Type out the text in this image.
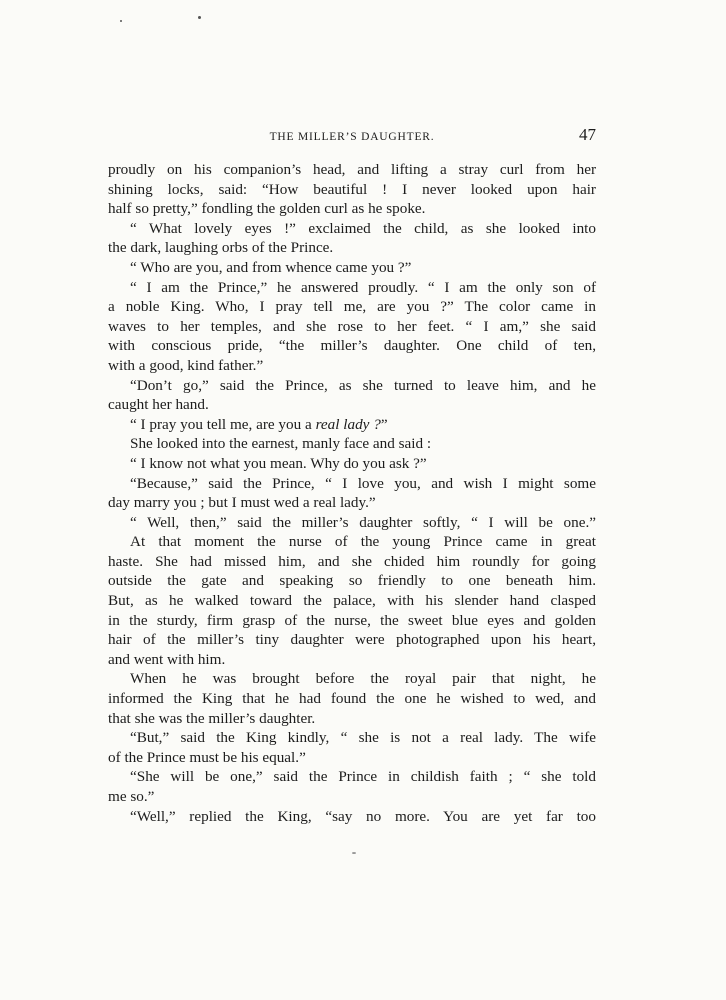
THE MILLER’S DAUGHTER.	47
proudly on his companion’s head, and lifting a stray curl from her
shining locks, said: “How beautiful ! I never looked upon hair
half so pretty,” fondling the golden curl as he spoke.
“ What lovely eyes !” exclaimed the child, as she looked into
the dark, laughing orbs of the Prince.
“ Who are you, and from whence came you ?”
“ I am the Prince,” he answered proudly. “ I am the only son of
a noble King. Who, I pray tell me, are you ?” The color came in
waves to her temples, and she rose to her feet. “ I am,” she said
with conscious pride, “the miller’s daughter. One child of ten,
with a good, kind father.”
“Don’t go,” said the Prince, as she turned to leave him, and he
caught her hand.
“ I pray you tell me, are you a real lady ?”
She looked into the earnest, manly face and said :
“ I know not what you mean. Why do you ask ?”
“Because,” said the Prince, “ I love you, and wish I might some
day marry you ; but I must wed a real lady.”
“ Well, then,” said the miller’s daughter softly, “ I will be one.”
At that moment the nurse of the young Prince came in great
haste. She had missed him, and she chided him roundly for going
outside the gate and speaking so friendly to one beneath him.
But, as he walked toward the palace, with his slender hand clasped
in the sturdy, firm grasp of the nurse, the sweet blue eyes and golden
hair of the miller’s tiny daughter were photographed upon his heart,
and went with him.
When he was brought before the royal pair that night, he
informed the King that he had found the one he wished to wed, and
that she was the miller’s daughter.
“But,” said the King kindly, “ she is not a real lady. The wife
of the Prince must be his equal.”
“She will be one,” said the Prince in childish faith ; “ she told
me so.”
“Well,” replied the King, “say no more. You are yet far too
